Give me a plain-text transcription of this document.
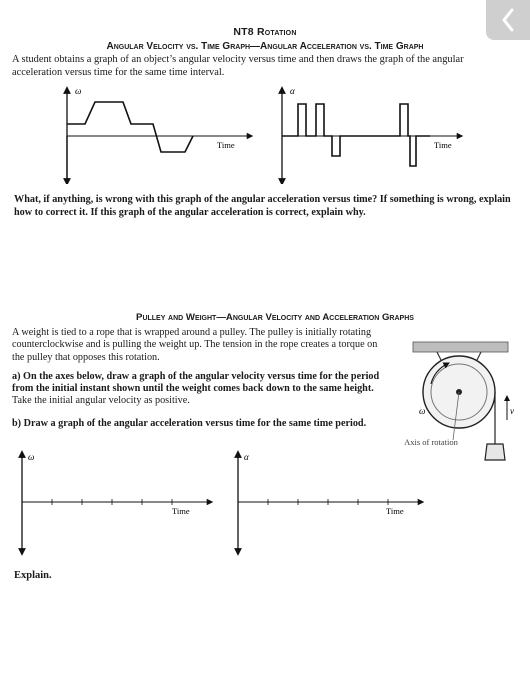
NT8 Rotation
Angular Velocity vs. Time Graph—Angular Acceleration vs. Time Graph
A student obtains a graph of an object’s angular velocity versus time and then draws the graph of the angular acceleration versus time for the same time interval.
ω
Time
α
Time
What, if anything, is wrong with this graph of the angular acceleration versus time? If something is wrong, explain how to correct it. If this graph of the angular acceleration is correct, explain why.
Pulley and Weight—Angular Velocity and Acceleration Graphs
A weight is tied to a rope that is wrapped around a pulley. The pulley is initially rotating counterclockwise and is pulling the weight up. The tension in the rope creates a torque on the pulley that opposes this rotation.
a) On the axes below, draw a graph of the angular velocity versus time for the period from the initial instant shown until the weight comes back down to the same height. Take the initial angular velocity as positive.
b) Draw a graph of the angular acceleration versus time for the same time period.
ω	v
Axis of rotation
ω
Time
α
Time
Explain.
